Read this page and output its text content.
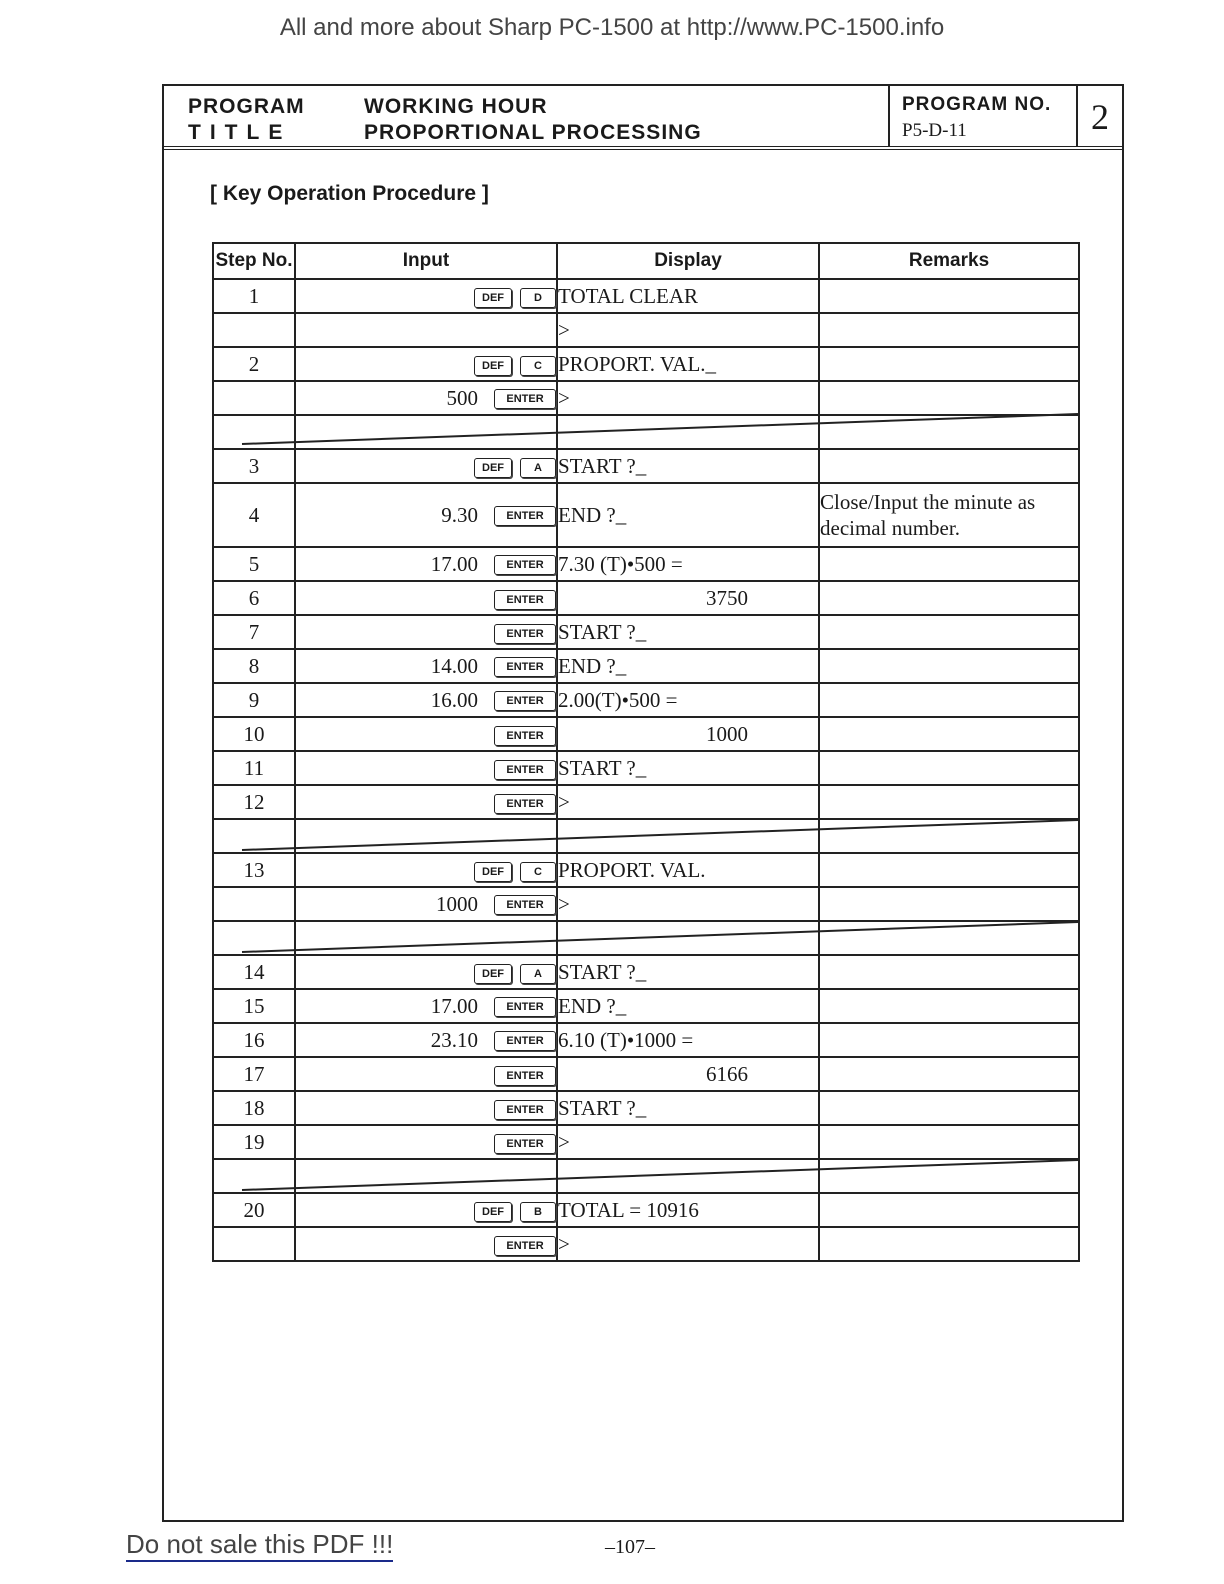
All and more about Sharp PC-1500 at http://www.PC-1500.info
PROGRAM
TITLE
WORKING HOUR
PROPORTIONAL PROCESSING
PROGRAM NO.
P5-D-11	2
[ Key Operation Procedure ]
Step No.	Input	Display	Remarks
1	DEF D	TOTAL CLEAR	
		>	
2	DEF C	PROPORT. VAL._	
	500 ENTER	>	

3	DEF A	START ?_	
4	9.30 ENTER	END ?_	Close/Input the minute as decimal number.
5	17.00 ENTER	7.30 (T)•500 =	
6	ENTER	3750	
7	ENTER	START ?_	
8	14.00 ENTER	END ?_	
9	16.00 ENTER	2.00(T)•500 =	
10	ENTER	1000	
11	ENTER	START ?_	
12	ENTER	>	

13	DEF C	PROPORT. VAL.	
	1000 ENTER	>	

14	DEF A	START ?_	
15	17.00 ENTER	END ?_	
16	23.10 ENTER	6.10 (T)•1000 =	
17	ENTER	6166	
18	ENTER	START ?_	
19	ENTER	>	

20	DEF B	TOTAL = 10916	
	ENTER	>	
Do not sale this PDF !!!	–107–
